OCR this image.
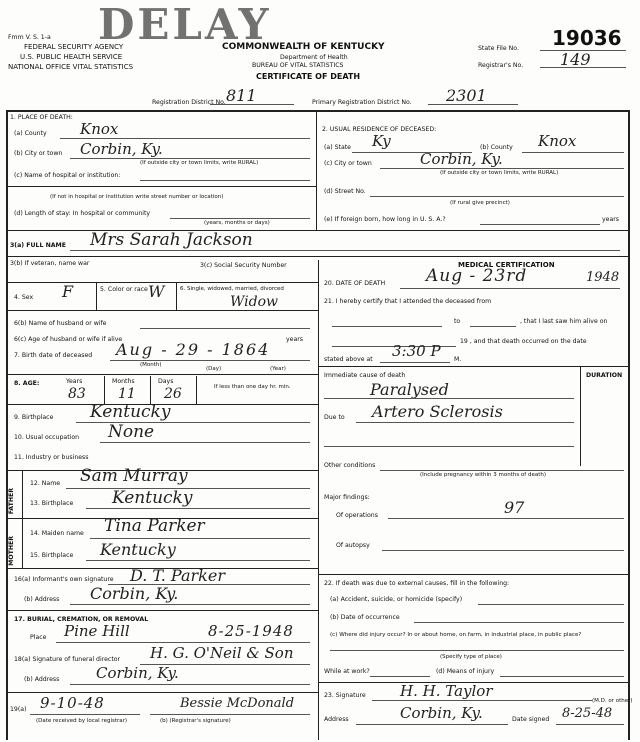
Fmm V. S. 1-a
FEDERAL SECURITY AGENCY
U.S. PUBLIC HEALTH SERVICE
NATIONAL OFFICE VITAL STATISTICS
DELAY
COMMONWEALTH OF KENTUCKY
Department of Health
BUREAU OF VITAL STATISTICS
CERTIFICATE OF DEATH
State File No. 19036
Registrar's No. 149
Registration District No. 811	Primary Registration District No. 2301
1. PLACE OF DEATH:
(a) County Knox
(b) City or town Corbin, Ky.
(If outside city or town limits, write RURAL)
(c) Name of hospital or institution:
(If not in hospital or institution write street number or location)
(d) Length of stay: In hospital or community
(years, months or days)
2. USUAL RESIDENCE OF DECEASED:
(a) State Ky	(b) County Knox
(c) City or town	Corbin, Ky.
(If outside city or town limits, write RURAL)
(d) Street No.
(If rural give precinct)
(e) If foreign born, how long in U. S. A.?	years
3(a) FULL NAME Mrs Sarah Jackson
3(b) If veteran, name war	3(c) Social Security Number
4. Sex F	5. Color or race W	6. Single, widowed, married, divorced
Widow
6(b) Name of husband or wife
6(c) Age of husband or wife if alive	years
7. Birth date of deceased Aug - 29 - 1864
(Month)
(Day)	(Year)
8. AGE:	Years
83
Months
11
Days
26	If less than one day hr. min.
9. Birthplace Kentucky
10. Usual occupation None
11. Industry or business
FATHER
12. Name Sam Murray
13. Birthplace Kentucky
MOTHER
14. Maiden name Tina Parker
15. Birthplace Kentucky
16(a) Informant's own signature D. T. Parker
(b) Address Corbin, Ky.
17. BURIAL, CREMATION, OR REMOVAL
Place Pine Hill	8-25-1948
18(a) Signature of funeral director H. G. O'Neil & Son
(b) Address Corbin, Ky.
19(a) 9-10-48
(Date received by local registrar)
Bessie McDonald
(b) (Registrar's signature)
MEDICAL CERTIFICATION
20. DATE OF DEATH Aug - 23rd	1948
21. I hereby certify that I attended the deceased from
to	, that I last saw him alive on
19 , and that death occurred on the date
stated above at 3:30 P M.
Immediate cause of death	DURATION
Paralysed
Due to Artero Sclerosis
Other conditions
(Include pregnancy within 3 months of death)
Major findings:
Of operations	97
Of autopsy
22. If death was due to external causes, fill in the following:
(a) Accident, suicide, or homicide (specify)
(b) Date of occurrence
(c) Where did injury occur? In or about home, on farm, in industrial place, in public place?
(Specify type of place)
While at work?	(d) Means of injury
23. Signature H. H. Taylor
(M.D. or other)
Address	Corbin, Ky.	Date signed 8-25-48
